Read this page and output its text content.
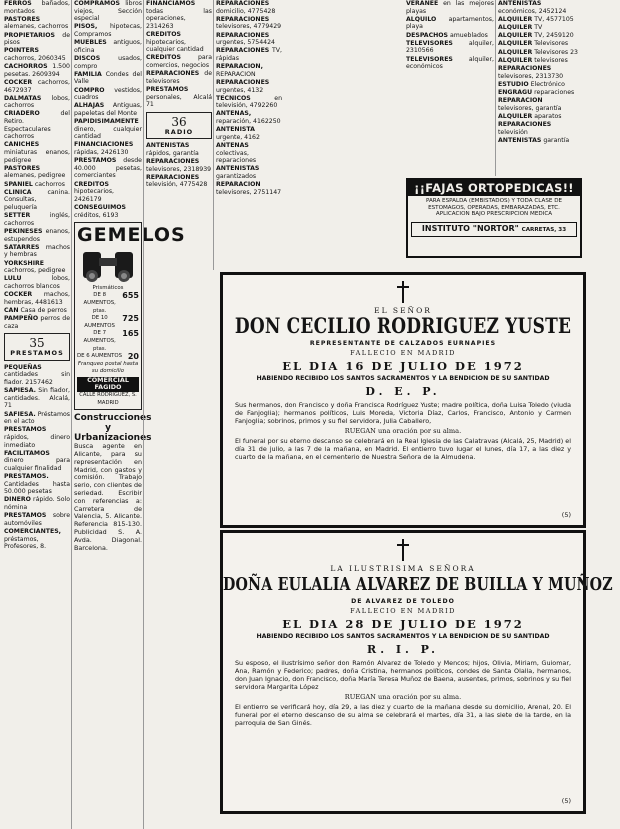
FERROS bañados, montados

PASTORES alemanes, cachorros

PROPIETARIOS de pisos

POINTERS cachorros, 2060345

CACHORROS 1.500 pesetas. 2609394

COCKER cachorros, 4672937

DALMATAS lobos, cachorros

CRIADERO	del Retiro. Espectaculares cachorros

CANICHES miniaturas enanos, pedigree

PASTORES alemanes, pedigree

SPANIEL cachorros

CLINICA	canina. Consultas, peluquería

SETTER	inglés, cachorros

PEKINESES enanos, estupendos

SATARRES machos y hembras

YORKSHIRE cachorros, pedigree

LULU	lobos, cachorros blancos

COCKER machos, hembras, 4481613

CAN Casa de perros

PAMPEÑO perros de caza

35
PRESTAMOS

PEQUEÑAS cantidades sin fiador. 2157462

SAPIESA. Sin fiador, cantidades. Alcalá, 71

SAFIESA. Préstamos en el acto

PRESTAMOS rápidos, dinero inmediato

FACILITAMOS dinero para cualquier finalidad

PRESTAMOS. Cantidades hasta 50.000 pesetas

DINERO rápido. Solo nómina

PRESTAMOS sobre automóviles

COMERCIANTES, préstamos, Profesores, 8.

COMPRAMOS libros viejos, Sección especial

PISOS, hipotecas, Compramos

MUEBLES antiguos, oficina

DISCOS	usados, compro

FAMILIA Condes del Valle

COMPRO vestidos, cuadros

ALHAJAS Antiguas, papeletas del Monte

PAPIDISIMAMENTE dinero, cualquier cantidad

FINANCIACIONES rápidas, 2426130

PRESTAMOS desde 40.000 pesetas, comerciantes

CREDITOS hipotecarios, 2426179

CONSEGUIMOS créditos, 6193

GEMELOS
Prismáticos
DE 8 AUMENTOS, ptas.
655
DE 10 AUMENTOS
725
DE 7 AUMENTOS, ptas.
165
DE 6 AUMENTOS 20
Franqueo postal hasta su domicilio
COMERCIAL FAGIDO
CALLE RODRIGUEZ, S. MADRID
Construcciones y Urbanizaciones

Busca agente en Alicante, para su representación en Madrid, con gastos y comisión. Trabajo serio, con clientes de seriedad. Escribir con referencias a: Carretera de Valencia, 5. Alicante. Referencia 815-130. Publicidad S. A. Avda. Diagonal. Barcelona.

FINANCIAMOS todas las operaciones, 2314263

CREDITOS hipotecarios, cualquier cantidad

CREDITOS	para comercios, negocios

REPARACIONES de televisores

PRESTAMOS personales, Alcalá 71

36
RADIO

ANTENISTAS rápidos, garantía

REPARACIONES televisores, 2318939

REPARACIONES televisión, 4775428

REPARACIONES domicilio, 4775428

REPARACIONES televisores, 4779429

REPARACIONES urgentes, 5754424

REPARACIONES TV, rápidas

REPARACION, REPARACION

REPARACIONES urgentes, 4132

TECNICOS	en televisión, 4792260

ANTENAS, reparación, 4162250

ANTENISTA urgente, 4162

ANTENAS colectivas, reparaciones

ANTENISTAS garantizados

REPARACION televisores, 2751147

VERANEE en las mejores playas

ALQUILO apartamentos, playa

DESPACHOS amueblados

TELEVISORES	alquiler, 2310566

TELEVISORES	alquiler, económicos

ANTENISTAS económicos, 2452124

ALQUILER TV, 4577105

ALQUILER TV

ALQUILER TV, 2459120

ALQUILER Televisores

ALQUILER Televisores 23

ALQUILER televisores

REPARACIONES televisores, 2313730

ESTUDIO Electrónico

ENGRAGU reparaciones

REPARACION televisores, garantía

ALQUILER aparatos

REPARACIONES televisión

ANTENISTAS garantía

¡¡FAJAS ORTOPEDICAS!!
PARA ESPALDA (EMBISTADOS) Y TODA CLASE DE ESTOMAGOS, OPERADAS, EMBARAZADAS, ETC. APLICACION BAJO PRESCRIPCION MEDICA
INSTITUTO "NORTOR" CARRETAS, 33
EL SEÑOR
DON CECILIO RODRIGUEZ YUSTE
REPRESENTANTE DE CALZADOS EURNAPIES
FALLECIO EN MADRID
EL DIA 16 DE JULIO DE 1972
HABIENDO RECIBIDO LOS SANTOS SACRAMENTOS Y LA BENDICION DE SU SANTIDAD
D. E. P.
Sus hermanos, don Francisco y doña Francisca Rodríguez Yuste; madre política, doña Luisa Toledo (viuda de Fanjoglia); hermanos políticos, Luis Moreda, Victoria Díaz, Carlos, Francisco, Antonio y Carmen Fanjoglia; sobrinos, primos y su fiel servidora, Julia Caballero,
RUEGAN una oración por su alma.
El funeral por su eterno descanso se celebrará en la Real Iglesia de las Calatravas (Alcalá, 25, Madrid) el día 31 de julio, a las 7 de la mañana, en Madrid. El entierro tuvo lugar el lunes, día 17, a las diez y cuarto de la mañana, en el cementerio de Nuestra Señora de la Almudena.
(5)
LA ILUSTRISIMA SEÑORA
DOÑA EULALIA ALVAREZ DE BUILLA Y MUÑOZ
DE ALVAREZ DE TOLEDO
FALLECIO EN MADRID
EL DIA 28 DE JULIO DE 1972
HABIENDO RECIBIDO LOS SANTOS SACRAMENTOS Y LA BENDICION DE SU SANTIDAD
R. I. P.
Su esposo, el ilustrísimo señor don Ramón Alvarez de Toledo y Mencos; hijos, Olivia, Miriam, Guiomar, Ana, Ramón y Federico; padres, doña Cristina, hermanos políticos, condes de Santa Olalla, hermanos, don Juan Ignacio, don Francisco, doña María Teresa Muñoz de Baena, ausentes, primos, sobrinos y su fiel servidora Margarita López
RUEGAN una oración por su alma.
El entierro se verificará hoy, día 29, a las diez y cuarto de la mañana desde su domicilio, Arenal, 20. El funeral por el eterno descanso de su alma se celebrará el martes, día 31, a las siete de la tarde, en la parroquia de San Ginés.
(5)
